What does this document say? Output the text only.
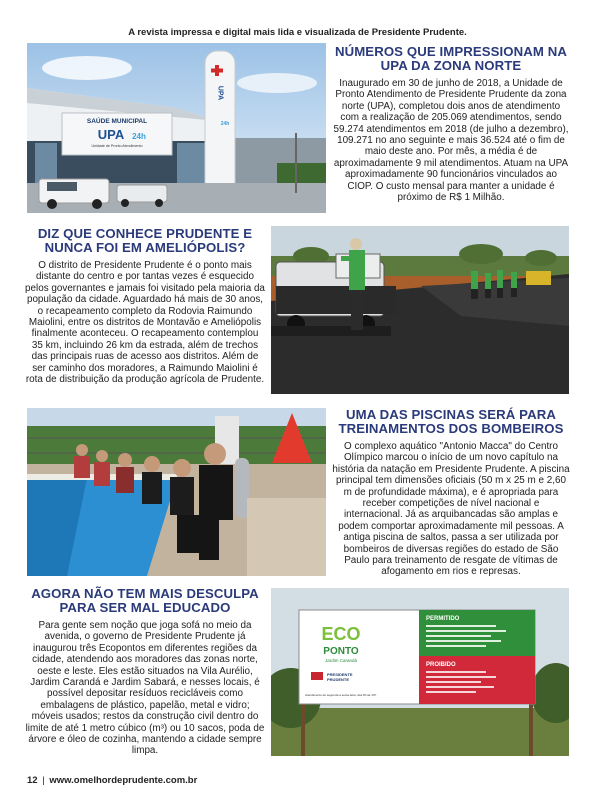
A revista impressa e digital mais lida e visualizada de Presidente Prudente.
SAÚDE MUNICIPAL
UPA 24h
Unidade de Pronto Atendimento
UPA
24h
NÚMEROS QUE IMPRESSIONAM NA UPA DA ZONA NORTE
Inaugurado em 30 de junho de 2018, a Unidade de Pronto Atendimento de Presidente Prudente da zona norte (UPA), completou dois anos de atendimento com a realização de 205.069 atendimentos, sendo 59.274 atendimentos em 2018 (de julho a dezembro), 109.271 no ano seguinte e mais 36.524 até o fim de maio deste ano. Por mês, a média é de aproximadamente 9 mil atendimentos. Atuam na UPA aproximadamente 90 funcionários vinculados ao CIOP. O custo mensal para manter a unidade é próximo de R$ 1 Milhão.
DIZ QUE CONHECE PRUDENTE E NUNCA FOI EM AMELIÓPOLIS?
O distrito de Presidente Prudente é o ponto mais distante do centro e por tantas vezes é esquecido pelos governantes e jamais foi visitado pela maioria da população da cidade. Aguardado há mais de 30 anos, o recapeamento completo da Rodovia Raimundo Maiolini, entre os distritos de Montavão e Ameliópolis finalmente aconteceu. O recapeamento contemplou 35 km, incluindo 26 km da estrada, além de trechos das principais ruas de acesso aos distritos. Além de ser caminho dos moradores, a Raimundo Maiolini é rota de distribuição da produção agrícola de Prudente.
UMA DAS PISCINAS SERÁ PARA TREINAMENTOS DOS BOMBEIROS
O complexo aquático "Antonio Macca" do Centro Olímpico marcou o início de um novo capítulo na história da natação em Presidente Prudente. A piscina principal tem dimensões oficiais (50 m x 25 m e 2,60 m de profundidade máxima), e é apropriada para receber competições de nível nacional e internacional. Já as arquibancadas são amplas e podem comportar aproximadamente mil pessoas. A antiga piscina de saltos, passa a ser utilizada por bombeiros de diversas regiões do estado de São Paulo para treinamento de resgate de vítimas de afogamento em rios e represas.
AGORA NÃO TEM MAIS DESCULPA PARA SER MAL EDUCADO
Para gente sem noção que joga sofá no meio da avenida, o governo de Presidente Prudente já inaugurou três Ecopontos em diferentes regiões da cidade, atendendo aos moradores das zonas norte, oeste e leste. Eles estão situados na Vila Aurélio, Jardim Carandá e Jardim Sabará, e nesses locais, é possível depositar resíduos recicláveis como embalagens de plástico, papelão, metal e vidro; móveis usados; restos da construção civil dentro do limite de até 1 metro cúbico (m³) ou 10 sacos, poda de árvore e óleo de cozinha, mantendo a cidade sempre limpa.
ECO
PONTO
Jardim Carandá
PRESIDENTE
PRUDENTE
Atendimento de segunda a sexta-feira, das 8h às 17h.
PERMITIDO
PROIBIDO
12 | www.omelhordeprudente.com.br
